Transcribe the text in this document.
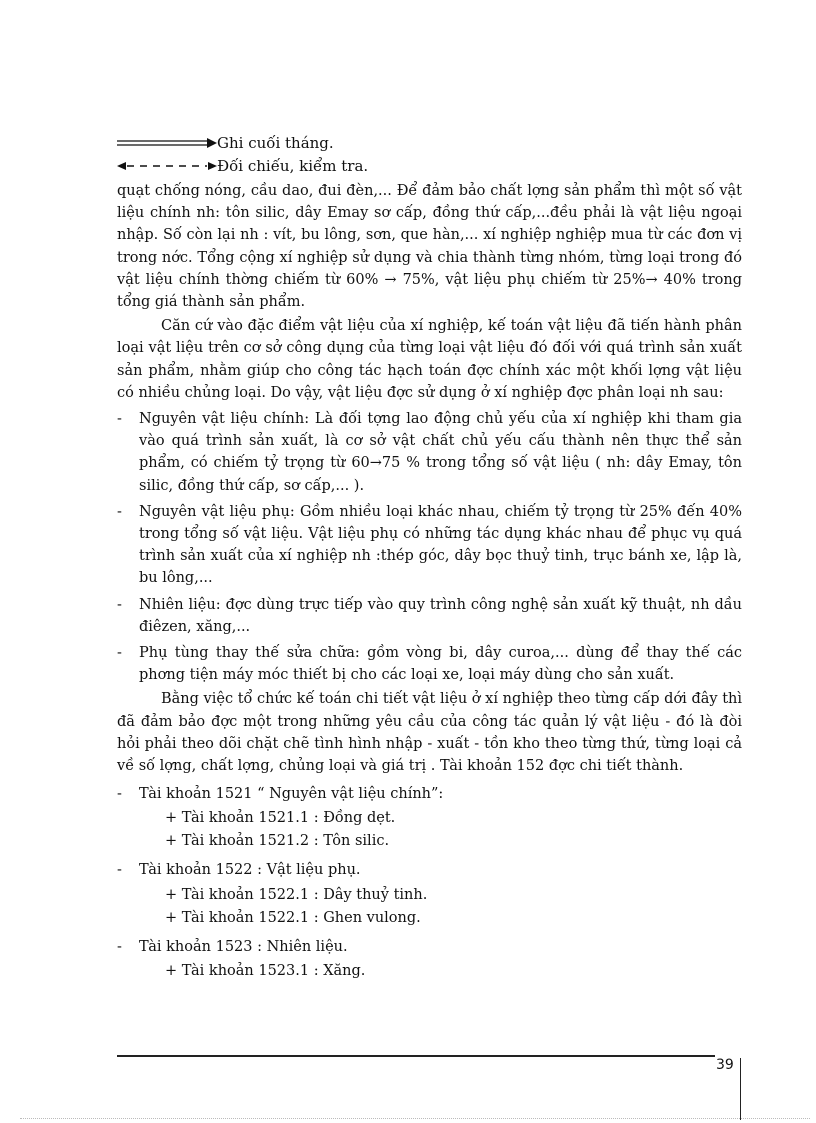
Ghi cuối tháng.
Đối chiếu, kiểm tra.

quạt chống nóng, cầu dao, đui đèn,... Để đảm bảo chất lợng sản phẩm thì một số vật liệu chính nh: tôn silic, dây Emay sơ cấp, đồng thứ cấp,...đều phải là vật liệu ngoại nhập. Số còn lại nh : vít, bu lông, sơn, que hàn,... xí nghiệp nghiệp mua từ các đơn vị trong nớc. Tổng cộng xí nghiệp sử dụng và chia thành từng nhóm, từng loại trong đó vật liệu chính thờng chiếm từ 60% → 75%, vật liệu phụ chiếm từ 25%→ 40% trong tổng giá thành sản phẩm.

Căn cứ vào đặc điểm vật liệu của xí nghiệp, kế toán vật liệu đã tiến hành phân loại vật liệu trên cơ sở công dụng của từng loại vật liệu đó đối với quá trình sản xuất sản phẩm, nhằm giúp cho công tác hạch toán đợc chính xác một khối lợng vật liệu có nhiều chủng loại. Do vậy, vật liệu đợc sử dụng ở xí nghiệp đợc phân loại nh sau:

-	Nguyên vật liệu chính: Là đối tợng lao động chủ yếu của xí nghiệp khi tham gia vào quá trình sản xuất, là cơ sở vật chất chủ yếu cấu thành nên thực thể sản phẩm, có chiếm tỷ trọng từ 60→75 % trong tổng số vật liệu ( nh: dây Emay, tôn silic, đồng thứ cấp, sơ cấp,... ).
-	Nguyên vật liệu phụ: Gồm nhiều loại khác nhau, chiếm tỷ trọng từ 25% đến 40% trong tổng số vật liệu. Vật liệu phụ có những tác dụng khác nhau để phục vụ quá trình sản xuất của xí nghiệp nh :thép góc, dây bọc thuỷ tinh, trục bánh xe, lập là, bu lông,...
-	Nhiên liệu: đợc dùng trực tiếp vào quy trình công nghệ sản xuất kỹ thuật, nh dầu điêzen, xăng,...
-	Phụ tùng thay thế sửa chữa: gồm vòng bi, dây curoa,... dùng để thay thế các phơng tiện máy móc thiết bị cho các loại xe, loại máy dùng cho sản xuất.

Bằng việc tổ chức kế toán chi tiết vật liệu ở xí nghiệp theo từng cấp dới đây thì đã đảm bảo đợc một trong những yêu cầu của công tác quản lý vật liệu - đó là đòi hỏi phải theo dõi chặt chẽ tình hình nhập - xuất - tồn kho theo từng thứ, từng loại cả về số lợng, chất lợng, chủng loại và giá trị . Tài khoản 152 đợc chi tiết thành.

-	Tài khoản 1521 “ Nguyên vật liệu chính”:
+ Tài khoản 1521.1 : Đồng dẹt.
+ Tài khoản 1521.2 : Tôn silic.
-	Tài khoản 1522 : Vật liệu phụ.
+ Tài khoản 1522.1 : Dây thuỷ tinh.
+ Tài khoản 1522.1 : Ghen vulong.
-	Tài khoản 1523 : Nhiên liệu.
+ Tài khoản 1523.1 : Xăng.
39
